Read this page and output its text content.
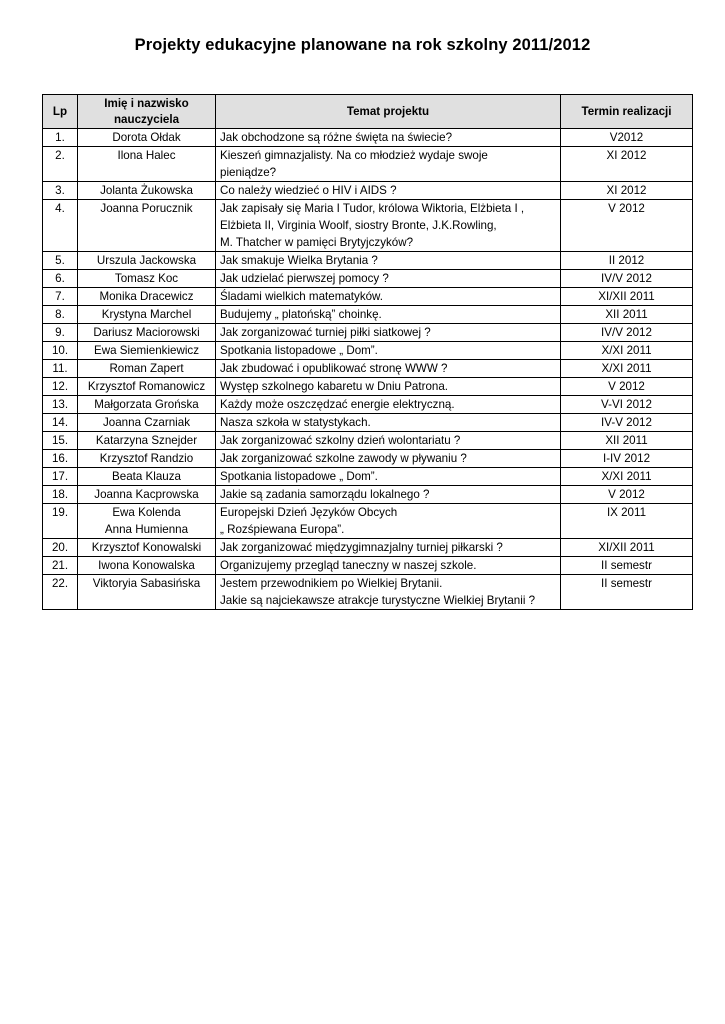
Projekty edukacyjne planowane na rok szkolny 2011/2012
Lp	Imię i nazwisko nauczyciela	Temat projektu	Termin realizacji
1.	Dorota Ołdak	Jak obchodzone są różne święta na świecie?	V2012
2.	Ilona Halec	Kieszeń gimnazjalisty. Na co młodzież wydaje swoje
pieniądze?	XI 2012
3.	Jolanta Żukowska	Co należy wiedzieć o HIV i AIDS ?	XI 2012
4.	Joanna Porucznik	Jak zapisały się Maria I Tudor, królowa Wiktoria, Elżbieta I ,
Elżbieta II, Virginia Woolf, siostry Bronte, J.K.Rowling,
M. Thatcher w pamięci Brytyjczyków?	V 2012
5.	Urszula Jackowska	Jak smakuje Wielka Brytania ?	II 2012
6.	Tomasz Koc	Jak udzielać pierwszej pomocy ?	IV/V 2012
7.	Monika Dracewicz	Śladami wielkich matematyków.	XI/XII 2011
8.	Krystyna Marchel	Budujemy „ platońską” choinkę.	XII 2011
9.	Dariusz Maciorowski	Jak zorganizować turniej piłki siatkowej ?	IV/V 2012
10.	Ewa Siemienkiewicz	Spotkania listopadowe „ Dom”.	X/XI 2011
11.	Roman Zapert	Jak zbudować i opublikować stronę WWW ?	X/XI 2011
12.	Krzysztof Romanowicz	Występ szkolnego kabaretu w Dniu Patrona.	V 2012
13.	Małgorzata Grońska	Każdy może oszczędzać energie elektryczną.	V-VI 2012
14.	Joanna Czarniak	Nasza szkoła w statystykach.	IV-V 2012
15.	Katarzyna Sznejder	Jak zorganizować szkolny dzień wolontariatu ?	XII 2011
16.	Krzysztof Randzio	Jak zorganizować szkolne zawody w pływaniu ?	I-IV 2012
17.	Beata Klauza	Spotkania listopadowe „ Dom”.	X/XI 2011
18.	Joanna Kacprowska	Jakie są zadania samorządu lokalnego ?	V 2012
19.	Ewa Kolenda
Anna Humienna	Europejski Dzień Języków Obcych
„ Rozśpiewana Europa”.	IX 2011
20.	Krzysztof Konowalski	Jak zorganizować międzygimnazjalny turniej piłkarski ?	XI/XII 2011
21.	Iwona Konowalska	Organizujemy przegląd taneczny w naszej szkole.	II semestr
22.	Viktoryia Sabasińska	Jestem przewodnikiem po Wielkiej Brytanii.
Jakie są najciekawsze atrakcje turystyczne Wielkiej Brytanii ?	II semestr
